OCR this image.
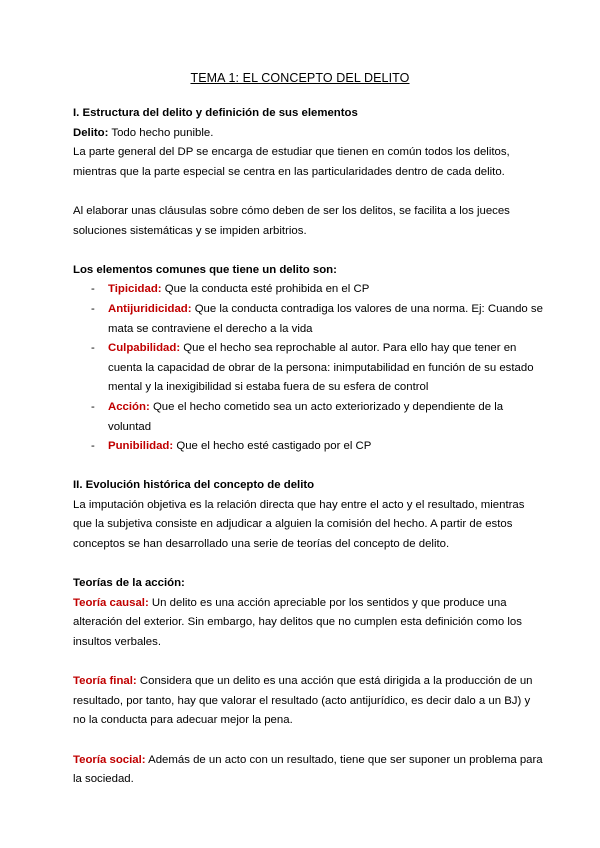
TEMA 1: EL CONCEPTO DEL DELITO

I. Estructura del delito y definición de sus elementos

Delito: Todo hecho punible.

La parte general del DP se encarga de estudiar que tienen en común todos los delitos, mientras que la parte especial se centra en las particularidades dentro de cada delito.

Al elaborar unas cláusulas sobre cómo deben de ser los delitos, se facilita a los jueces soluciones sistemáticas y se impiden arbitrios.

Los elementos comunes que tiene un delito son:

- Tipicidad: Que la conducta esté prohibida en el CP
- Antijuridicidad: Que la conducta contradiga los valores de una norma. Ej: Cuando se mata se contraviene el derecho a la vida
- Culpabilidad: Que el hecho sea reprochable al autor. Para ello hay que tener en cuenta la capacidad de obrar de la persona: inimputabilidad en función de su estado mental y la inexigibilidad si estaba fuera de su esfera de control
- Acción: Que el hecho cometido sea un acto exteriorizado y dependiente de la voluntad
- Punibilidad: Que el hecho esté castigado por el CP

II. Evolución histórica del concepto de delito

La imputación objetiva es la relación directa que hay entre el acto y el resultado, mientras que la subjetiva consiste en adjudicar a alguien la comisión del hecho. A partir de estos conceptos se han desarrollado una serie de teorías del concepto de delito.

Teorías de la acción:

Teoría causal: Un delito es una acción apreciable por los sentidos y que produce una alteración del exterior. Sin embargo, hay delitos que no cumplen esta definición como los insultos verbales.

Teoría final: Considera que un delito es una acción que está dirigida a la producción de un resultado, por tanto, hay que valorar el resultado (acto antijurídico, es decir dalo a un BJ) y no la conducta para adecuar mejor la pena.

Teoría social: Además de un acto con un resultado, tiene que ser suponer un problema para la sociedad.
